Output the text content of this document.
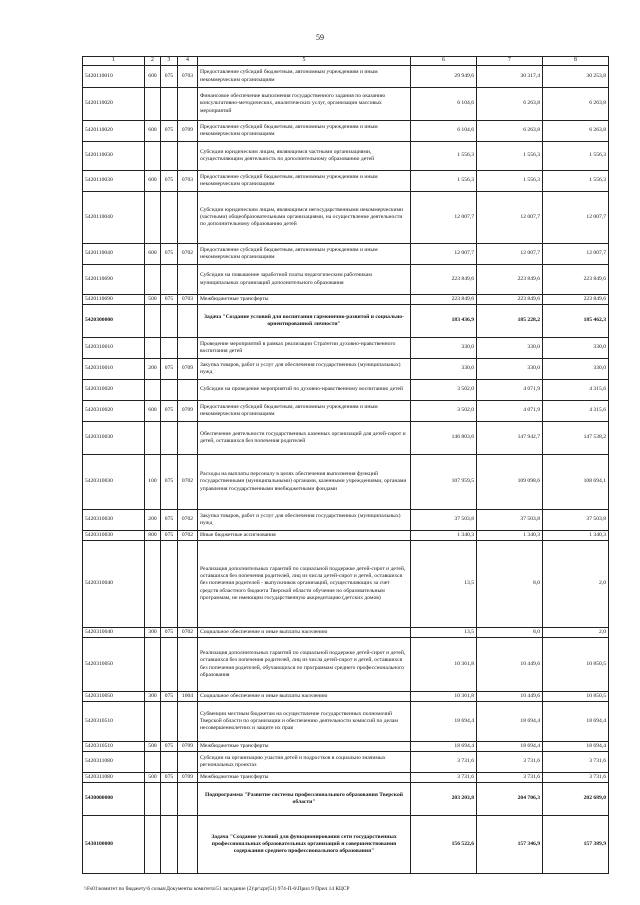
59
1	2	3	4	5	6	7	8
5420110010	600	075	0703	Предоставление субсидий бюджетным, автономным учреждениям и иным некоммерческим организациям	29 949,6	30 317,4	30 253,8
5420110020				Финансовое обеспечение выполнения государственного задания по оказанию консультативно-методических, аналитических услуг, организации массовых мероприятий	6 104,6	6 263,8	6 263,8
5420110020	600	075	0709	Предоставление субсидий бюджетным, автономным учреждениям и иным некоммерческим организациям	6 104,6	6 263,8	6 263,8
5420110030				Субсидии юридическим лицам, являющимся частными организациями, осуществляющим деятельность по дополнительному образованию детей	1 556,3	1 556,3	1 556,3
5420110030	600	075	0703	Предоставление субсидий бюджетным, автономным учреждениям и иным некоммерческим организациям	1 556,3	1 556,3	1 556,3
5420110040				Субсидии юридическим лицам, являющимся негосударственными некоммерческими (частными) общеобразовательными организациями, на осуществление деятельности по дополнительному образованию детей	12 007,7	12 007,7	12 007,7
5420110040	600	075	0702	Предоставление субсидий бюджетным, автономным учреждениям и иным некоммерческим организациям	12 007,7	12 007,7	12 007,7
5420110690				Субсидии на повышение заработной платы педагогическим работникам муниципальных организаций дополнительного образования	223 849,6	223 849,6	223 849,6
5420110690	500	075	0703	Межбюджетные трансферты	223 849,6	223 849,6	223 849,6
5420300000				Задача "Создание условий для воспитания гармонично-развитой и социально-ориентированной личности"	183 436,9	185 228,2	185 462,3
5420310010				Проведение мероприятий в рамках реализации Стратегии духовно-нравственного воспитания детей	330,0	330,0	330,0
5420310010	200	075	0709	Закупка товаров, работ и услуг для обеспечения государственных (муниципальных) нужд	330,0	330,0	330,0
5420310020				Субсидии на проведение мероприятий по духовно-нравственному воспитанию детей	3 502,0	4 071,9	4 315,6
5420310020	600	075	0709	Предоставление субсидий бюджетным, автономным учреждениям и иным некоммерческим организациям	3 502,0	4 071,9	4 315,6
5420310030				Обеспечение деятельности государственных казенных организаций для детей-сирот и детей, оставшихся без попечения родителей	146 803,6	147 942,7	147 538,2
5420310030	100	075	0702	Расходы на выплаты персоналу в целях обеспечения выполнения функций государственными (муниципальными) органами, казенными учреждениями, органами управления государственными внебюджетными фондами	107 959,5	109 098,6	108 694,1
5420310030	200	075	0702	Закупка товаров, работ и услуг для обеспечения государственных (муниципальных) нужд	37 503,8	37 503,8	37 503,8
5420310030	800	075	0702	Иные бюджетные ассигнования	1 340,3	1 340,3	1 340,3
5420310040				Реализация дополнительных гарантий по социальной поддержке детей-сирот и детей, оставшихся без попечения родителей, лиц из числа детей-сирот и детей, оставшихся без попечения родителей - выпускников организаций, осуществляющих за счет средств областного бюджета Тверской области обучение по образовательным программам, не имеющим государственную аккредитацию (детских домов)	13,5	8,0	2,0
5420310040	300	075	0702	Социальное обеспечение и иные выплаты населению	13,5	8,0	2,0
5420310050				Реализация дополнительных гарантий по социальной поддержке детей-сирот и детей, оставшихся без попечения родителей, лиц из числа детей-сирот и детей, оставшихся без попечения родителей, обучающихся по программам среднего профессионального образования	10 361,8	10 449,6	10 850,5
5420310050	300	075	1004	Социальное обеспечение и иные выплаты населению	10 361,8	10 449,6	10 850,5
5420310510				Субвенции местным бюджетам на осуществление государственных полномочий Тверской области по организации и обеспечению деятельности комиссий по делам несовершеннолетних и защите их прав	18 694,4	18 694,4	18 694,4
5420310510	500	075	0709	Межбюджетные трансферты	18 694,4	18 694,4	18 694,4
5420311080				Субсидии на организацию участия детей и подростков в социально значимых региональных проектах	3 731,6	3 731,6	3 731,6
5420311080	500	075	0709	Межбюджетные трансферты	3 731,6	3 731,6	3 731,6
5430000000				Подпрограмма "Развитие системы профессионального образования Тверской области"	203 203,8	204 706,3	202 689,0
5430100000				Задача "Создание условий для функционирования сети государственных профессиональных образовательных организаций и совершенствования содержания среднего профессионального образования"	156 522,6	157 346,9	157 389,9
\\Fs01\комитет по бюджету\6 созыв\Документы комитета\51 заседание (2)\pr\zpr(51) 974-П-6\Прил 9 Прил 14 КЦСР
